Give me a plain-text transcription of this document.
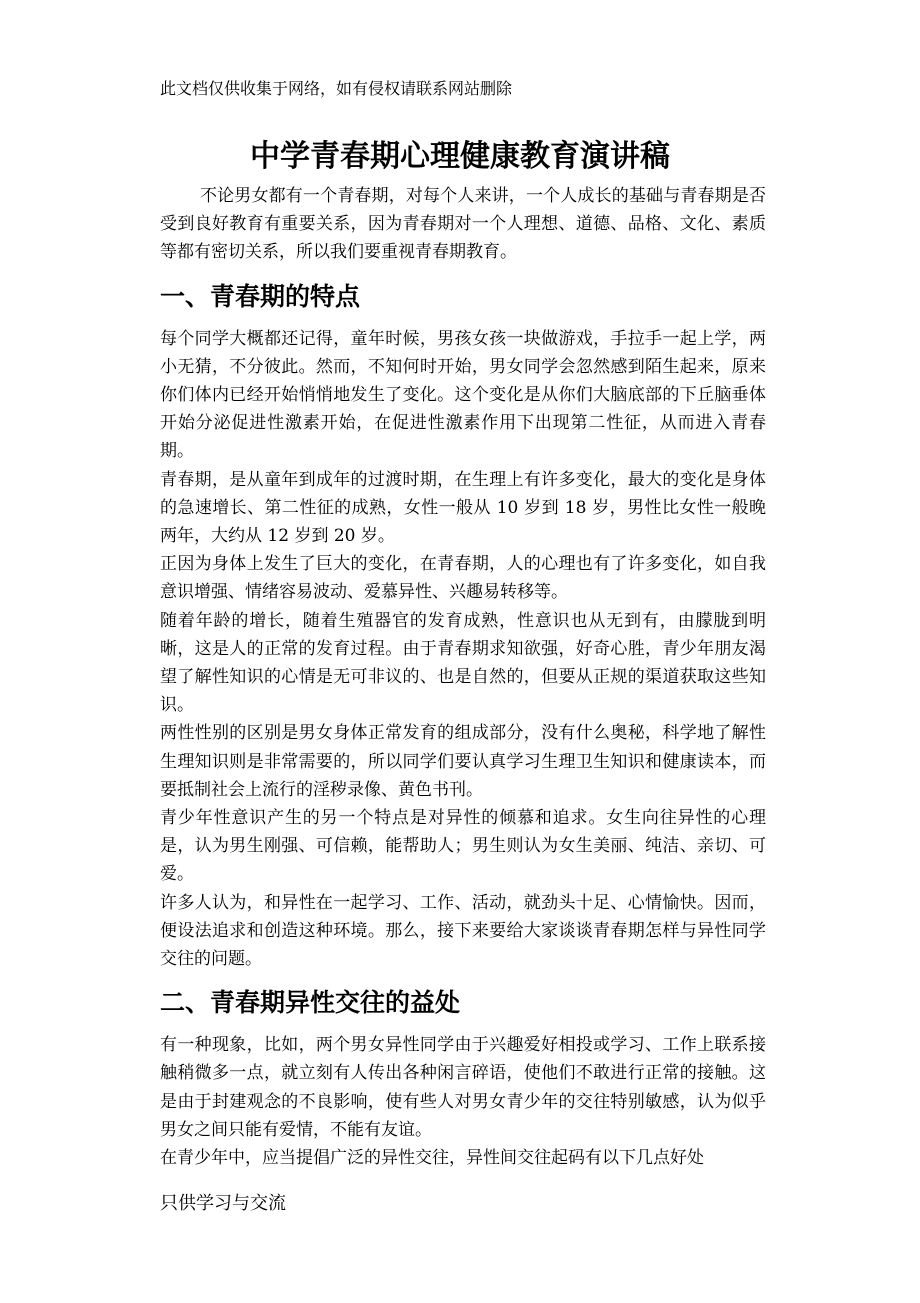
此文档仅供收集于网络，如有侵权请联系网站删除
中学青春期心理健康教育演讲稿

不论男女都有一个青春期，对每个人来讲，一个人成长的基础与青春期是否受到良好教育有重要关系，因为青春期对一个人理想、道德、品格、文化、素质等都有密切关系，所以我们要重视青春期教育。

一、青春期的特点

每个同学大概都还记得，童年时候，男孩女孩一块做游戏，手拉手一起上学，两小无猜，不分彼此。然而，不知何时开始，男女同学会忽然感到陌生起来，原来你们体内已经开始悄悄地发生了变化。这个变化是从你们大脑底部的下丘脑垂体开始分泌促进性激素开始，在促进性激素作用下出现第二性征，从而进入青春期。

青春期，是从童年到成年的过渡时期，在生理上有许多变化，最大的变化是身体的急速增长、第二性征的成熟，女性一般从 10 岁到 18 岁，男性比女性一般晚两年，大约从 12 岁到 20 岁。

正因为身体上发生了巨大的变化，在青春期，人的心理也有了许多变化，如自我意识增强、情绪容易波动、爱慕异性、兴趣易转移等。

随着年龄的增长，随着生殖器官的发育成熟，性意识也从无到有，由朦胧到明晰，这是人的正常的发育过程。由于青春期求知欲强，好奇心胜，青少年朋友渴望了解性知识的心情是无可非议的、也是自然的，但要从正规的渠道获取这些知识。

两性性别的区别是男女身体正常发育的组成部分，没有什么奥秘，科学地了解性生理知识则是非常需要的，所以同学们要认真学习生理卫生知识和健康读本，而要抵制社会上流行的淫秽录像、黄色书刊。

青少年性意识产生的另一个特点是对异性的倾慕和追求。女生向往异性的心理是，认为男生刚强、可信赖，能帮助人；男生则认为女生美丽、纯洁、亲切、可爱。

许多人认为，和异性在一起学习、工作、活动，就劲头十足、心情愉快。因而，便设法追求和创造这种环境。那么，接下来要给大家谈谈青春期怎样与异性同学交往的问题。

二、青春期异性交往的益处

有一种现象，比如，两个男女异性同学由于兴趣爱好相投或学习、工作上联系接触稍微多一点，就立刻有人传出各种闲言碎语，使他们不敢进行正常的接触。这是由于封建观念的不良影响，使有些人对男女青少年的交往特别敏感，认为似乎男女之间只能有爱情，不能有友谊。

在青少年中，应当提倡广泛的异性交往，异性间交往起码有以下几点好处

只供学习与交流
